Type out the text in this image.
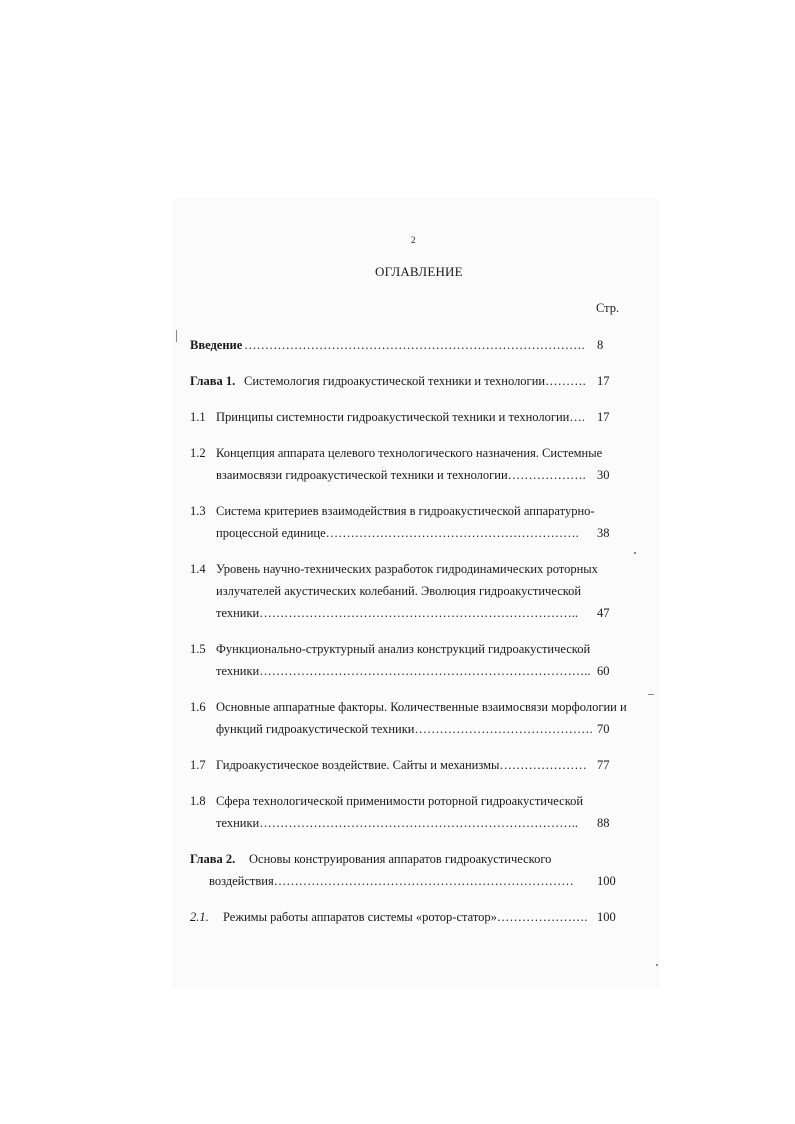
2
ОГЛАВЛЕНИЕ
Стр.
Введение ………………………………………………………………………. 8
Глава 1. Системология гидроакустической техники и технологии………. 17
1.1 Принципы системности гидроакустической техники и технологии…. 17
1.2 Концепция аппарата целевого технологического назначения. Системные
взаимосвязи гидроакустической техники и технологии………………. 30
1.3 Система критериев взаимодействия в гидроакустической аппаратурно-
процессной единице……………………………………………………. 38
1.4 Уровень научно-технических разработок гидродинамических роторных
излучателей акустических колебаний. Эволюция гидроакустической
техники………………………………………………………………….. 47
1.5 Функционально-структурный анализ конструкций гидроакустической
техники…………………………………………………………………….. 60
1.6 Основные аппаратные факторы. Количественные взаимосвязи морфологии и
функций гидроакустической техники……………………………………. 70
1.7 Гидроакустическое воздействие. Сайты и механизмы………………… 77
1.8 Сфера технологической применимости роторной гидроакустической
техники………………………………………………………………….. 88
Глава 2. Основы конструирования аппаратов гидроакустического
воздействия……………………………………………………………… 100
2.1. Режимы работы аппаратов системы «ротор-статор»…………………. 100
